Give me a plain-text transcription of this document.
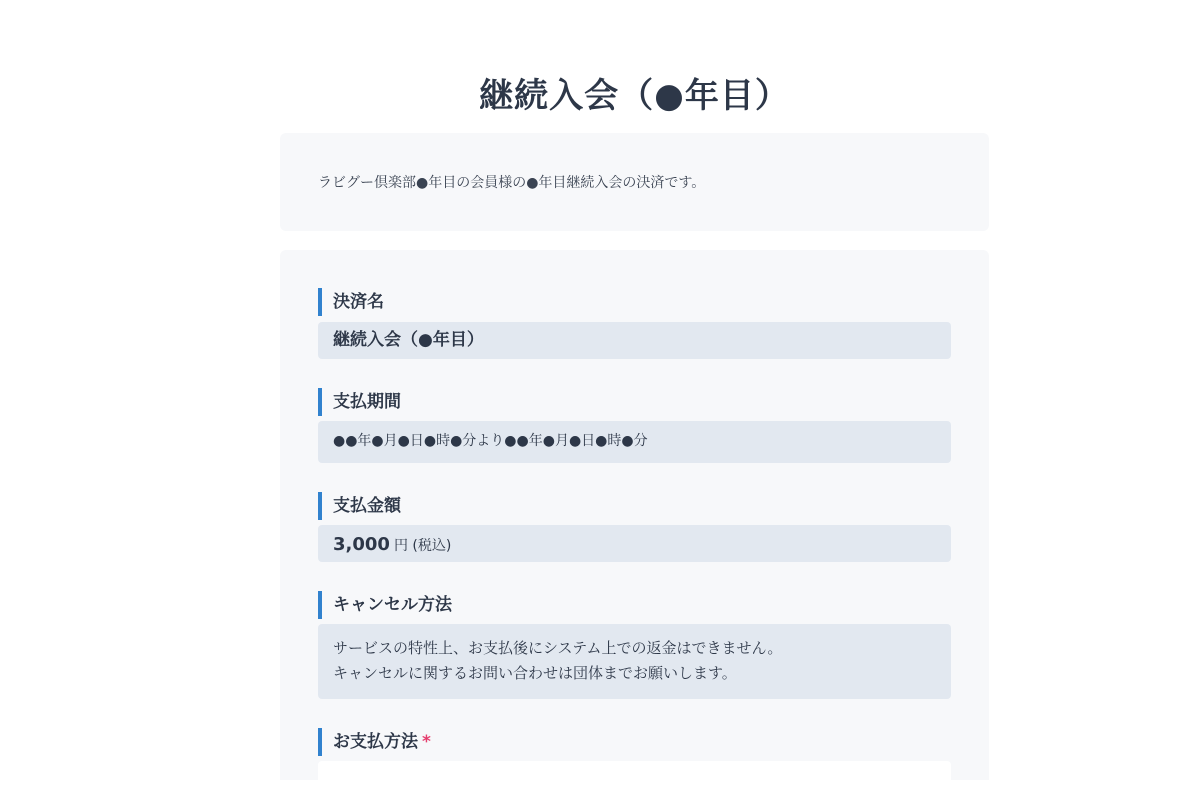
継続入会（●年目）
ラビグー倶楽部●年目の会員様の●年目継続入会の決済です。
決済名
継続入会（●年目）
支払期間
●●年●月●日●時●分より●●年●月●日●時●分
支払金額
3,000 円 (税込)
キャンセル方法
サービスの特性上、お支払後にシステム上での返金はできません。
キャンセルに関するお問い合わせは団体までお願いします。
お支払方法 *
